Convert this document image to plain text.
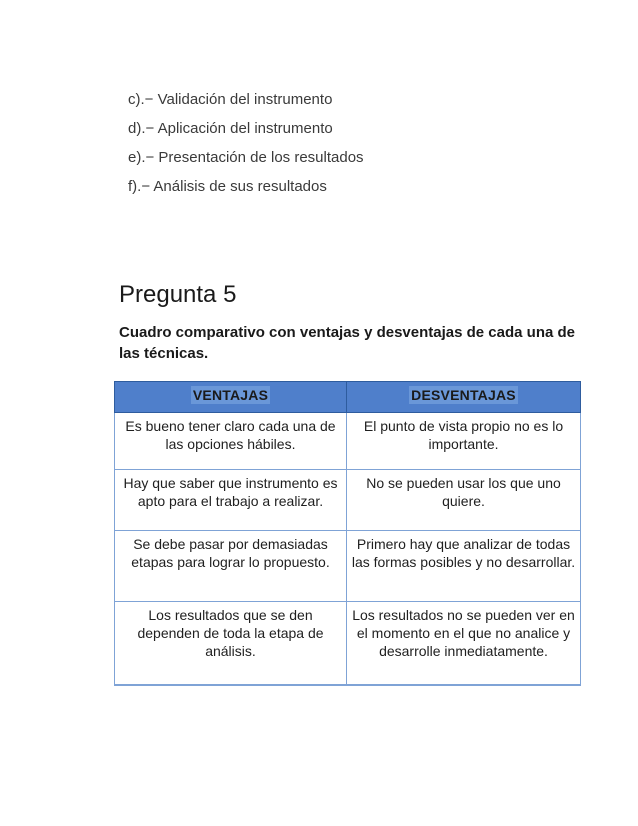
c).− Validación del instrumento
d).− Aplicación del instrumento
e).− Presentación de los resultados
f).− Análisis de sus resultados
Pregunta 5

Cuadro comparativo con ventajas y desventajas de cada una de las técnicas.

VENTAJAS	DESVENTAJAS
Es bueno tener claro cada una de las opciones hábiles.	El punto de vista propio no es lo importante.
Hay que saber que instrumento es apto para el trabajo a realizar.	No se pueden usar los que uno quiere.
Se debe pasar por demasiadas etapas para lograr lo propuesto.	Primero hay que analizar de todas las formas posibles y no desarrollar.
Los resultados que se den dependen de toda la etapa de análisis.	Los resultados no se pueden ver en el momento en el que no analice y desarrolle inmediatamente.
